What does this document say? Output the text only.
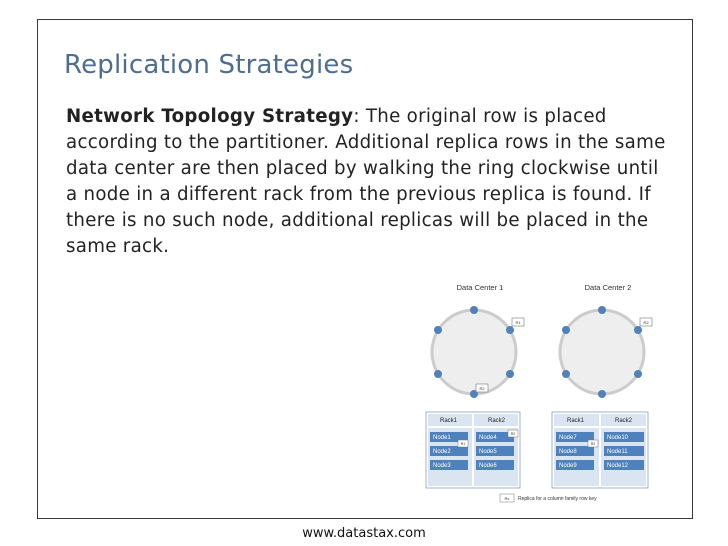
Replication Strategies
Network Topology Strategy: The original row is placed according to the partitioner. Additional replica rows in the same data center are then placed by walking the ring clockwise until a node in a different rack from the previous replica is found. If there is no such node, additional replicas will be placed in the same rack.
Data Center 1	Data Center 2
R1
R2
R2
Rack1	Rack2
Node1
Node2
Node3
Node4
Node5
Node6
R1
R2
Rack1	Rack2
Node7
Node8
Node9
Node10
Node11
Node12
R2
Rx Replica for a column family row key
www.datastax.com
